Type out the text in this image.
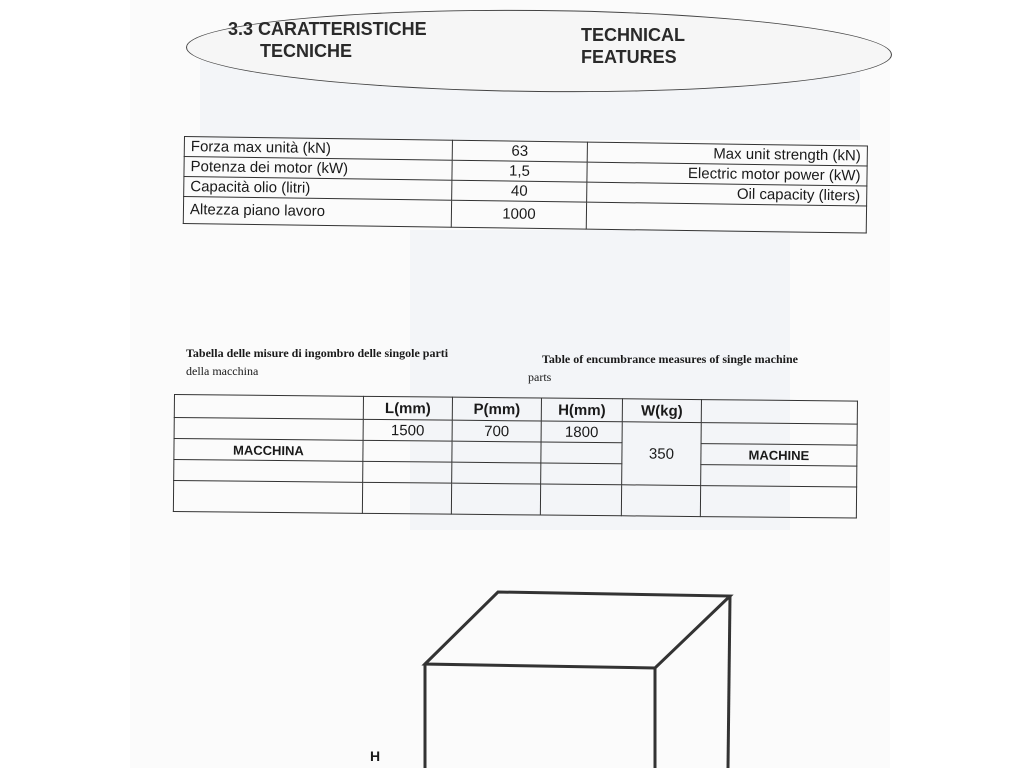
3.3 CARATTERISTICHE
TECNICHE
TECHNICAL
FEATURES
Forza max unità (kN)	63	Max unit strength (kN)
Potenza dei motor (kW)	1,5	Electric motor power (kW)
Capacità olio (litri)	40	Oil capacity (liters)
Altezza piano lavoro	1000	
Tabella delle misure di ingombro delle singole parti
della macchina
Table of encumbrance measures of single machine
parts
	L(mm)	P(mm)	H(mm)	W(kg)	
	1500	700	1800	350	
MACCHINA					MACHINE

H
